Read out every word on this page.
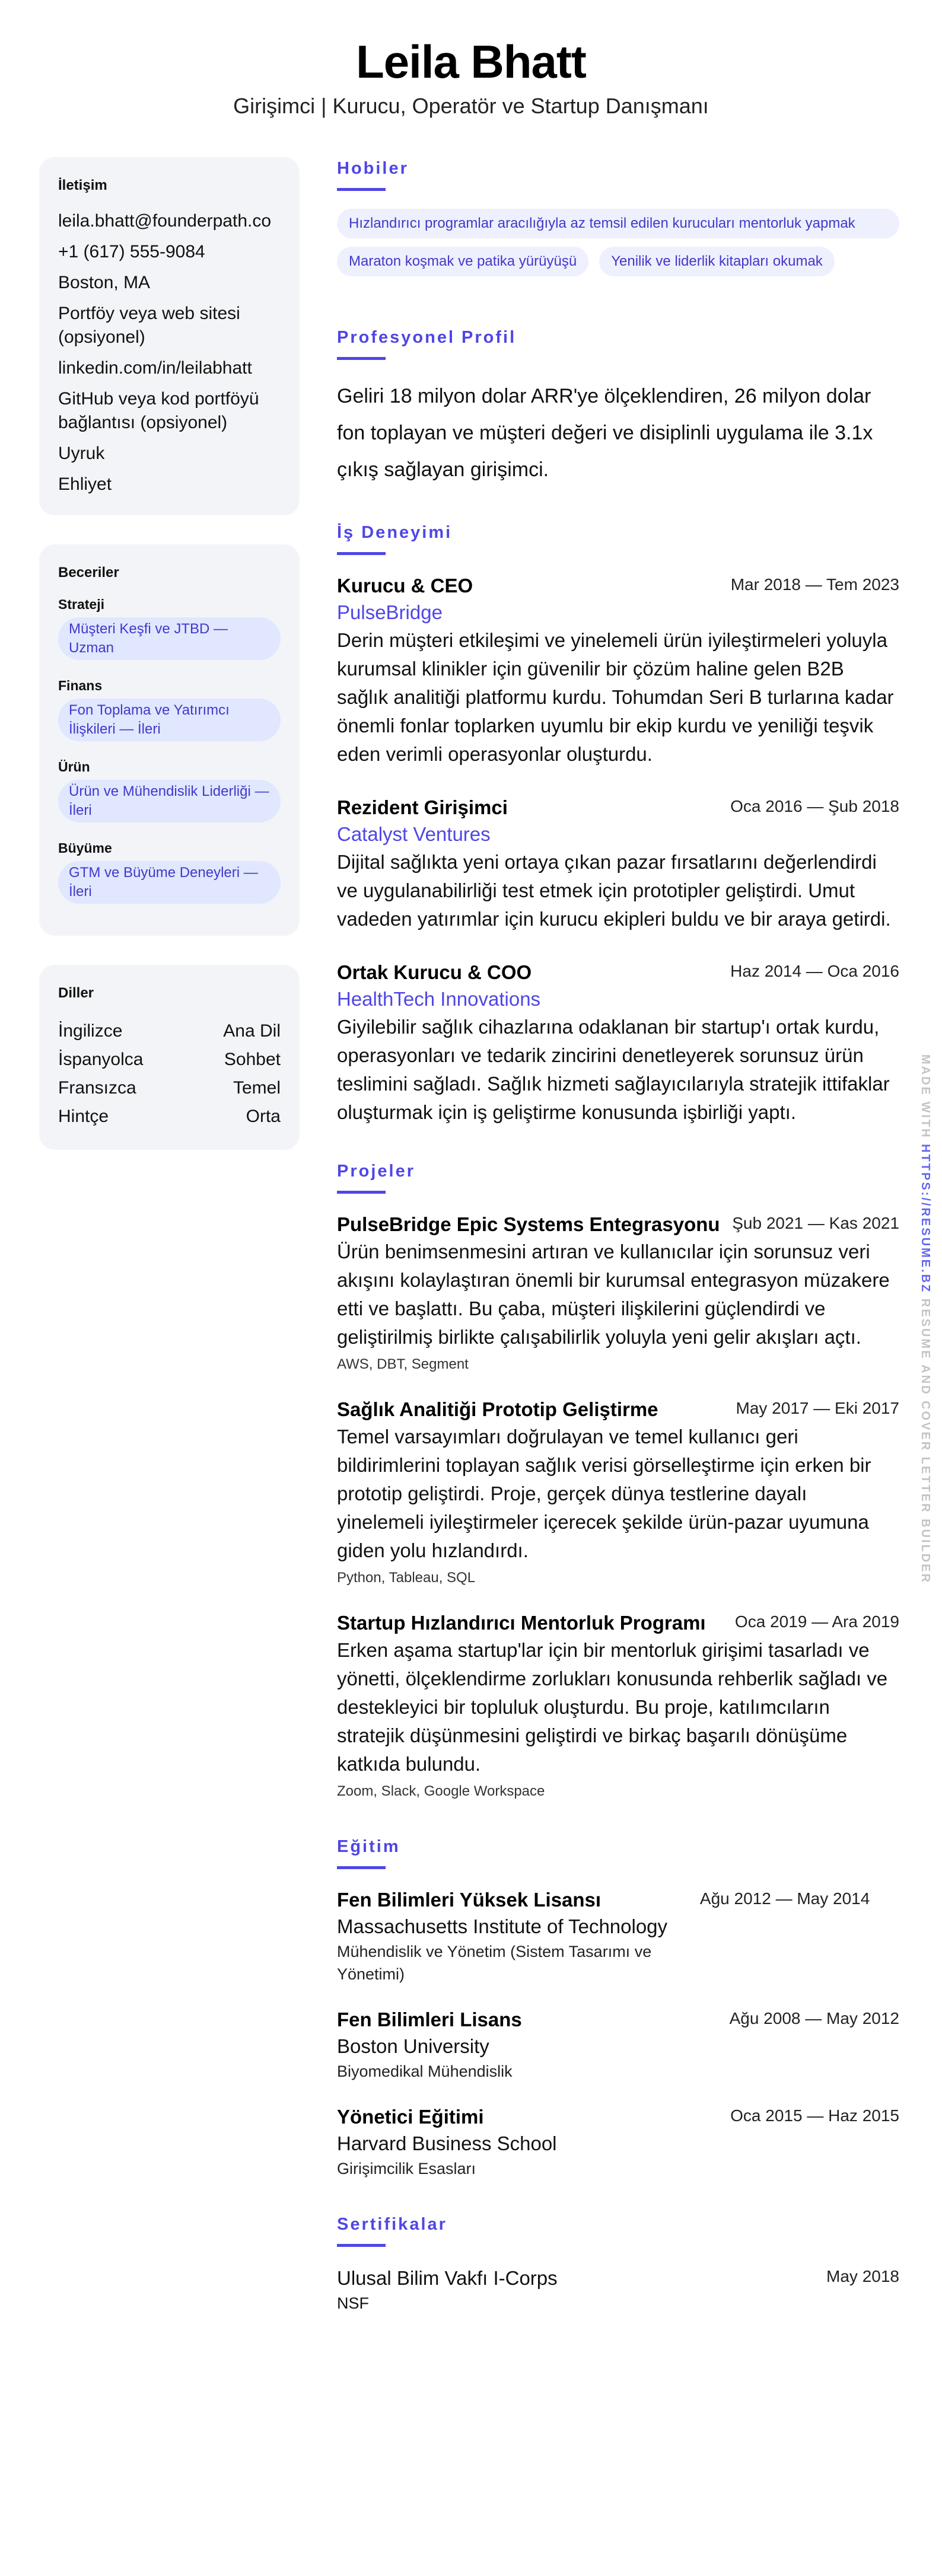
Leila Bhatt
Girişimci | Kurucu, Operatör ve Startup Danışmanı
İletişim
leila.bhatt@founderpath.co
+1 (617) 555-9084
Boston, MA
Portföy veya web sitesi (opsiyonel)
linkedin.com/in/leilabhatt
GitHub veya kod portföyü bağlantısı (opsiyonel)
Uyruk
Ehliyet
Beceriler
Strateji
Müşteri Keşfi ve JTBD — Uzman
Finans
Fon Toplama ve Yatırımcı İlişkileri — İleri
Ürün
Ürün ve Mühendislik Liderliği — İleri
Büyüme
GTM ve Büyüme Deneyleri — İleri
Diller
İngilizce	Ana Dil
İspanyolca	Sohbet
Fransızca	Temel
Hintçe	Orta
Hobiler
Hızlandırıcı programlar aracılığıyla az temsil edilen kurucuları mentorluk yapmak
Maraton koşmak ve patika yürüyüşü	Yenilik ve liderlik kitapları okumak
Profesyonel Profil

Geliri 18 milyon dolar ARR'ye ölçeklendiren, 26 milyon dolar fon toplayan ve müşteri değeri ve disiplinli uygulama ile 3.1x çıkış sağlayan girişimci.

İş Deneyimi
Kurucu & CEO	Mar 2018 — Tem 2023
PulseBridge

Derin müşteri etkileşimi ve yinelemeli ürün iyileştirmeleri yoluyla kurumsal klinikler için güvenilir bir çözüm haline gelen B2B sağlık analitiği platformu kurdu. Tohumdan Seri B turlarına kadar önemli fonlar toplarken uyumlu bir ekip kurdu ve yeniliği teşvik eden verimli operasyonlar oluşturdu.

Rezident Girişimci	Oca 2016 — Şub 2018
Catalyst Ventures

Dijital sağlıkta yeni ortaya çıkan pazar fırsatlarını değerlendirdi ve uygulanabilirliği test etmek için prototipler geliştirdi. Umut vadeden yatırımlar için kurucu ekipleri buldu ve bir araya getirdi.

Ortak Kurucu & COO	Haz 2014 — Oca 2016
HealthTech Innovations

Giyilebilir sağlık cihazlarına odaklanan bir startup'ı ortak kurdu, operasyonları ve tedarik zincirini denetleyerek sorunsuz ürün teslimini sağladı. Sağlık hizmeti sağlayıcılarıyla stratejik ittifaklar oluşturmak için iş geliştirme konusunda işbirliği yaptı.

Projeler
PulseBridge Epic Systems Entegrasyonu Şub 2021 — Kas 2021

Ürün benimsenmesini artıran ve kullanıcılar için sorunsuz veri akışını kolaylaştıran önemli bir kurumsal entegrasyon müzakere etti ve başlattı. Bu çaba, müşteri ilişkilerini güçlendirdi ve geliştirilmiş birlikte çalışabilirlik yoluyla yeni gelir akışları açtı.

AWS, DBT, Segment
Sağlık Analitiği Prototip Geliştirme	May 2017 — Eki 2017

Temel varsayımları doğrulayan ve temel kullanıcı geri bildirimlerini toplayan sağlık verisi görselleştirme için erken bir prototip geliştirdi. Proje, gerçek dünya testlerine dayalı yinelemeli iyileştirmeler içerecek şekilde ürün-pazar uyumuna giden yolu hızlandırdı.

Python, Tableau, SQL
Startup Hızlandırıcı Mentorluk Programı Oca 2019 — Ara 2019

Erken aşama startup'lar için bir mentorluk girişimi tasarladı ve yönetti, ölçeklendirme zorlukları konusunda rehberlik sağladı ve destekleyici bir topluluk oluşturdu. Bu proje, katılımcıların stratejik düşünmesini geliştirdi ve birkaç başarılı dönüşüme katkıda bulundu.

Zoom, Slack, Google Workspace
Eğitim
Fen Bilimleri Yüksek Lisansı
Massachusetts Institute of Technology
Mühendislik ve Yönetim (Sistem Tasarımı ve Yönetimi)
Ağu 2012 — May 2014
Fen Bilimleri Lisans
Boston University
Biyomedikal Mühendislik
Ağu 2008 — May 2012
Yönetici Eğitimi
Harvard Business School
Girişimcilik Esasları
Oca 2015 — Haz 2015
Sertifikalar
Ulusal Bilim Vakfı I-Corps
NSF
May 2018
MADE WITH HTTPS://RESUME.BZ RESUME AND COVER LETTER BUILDER
